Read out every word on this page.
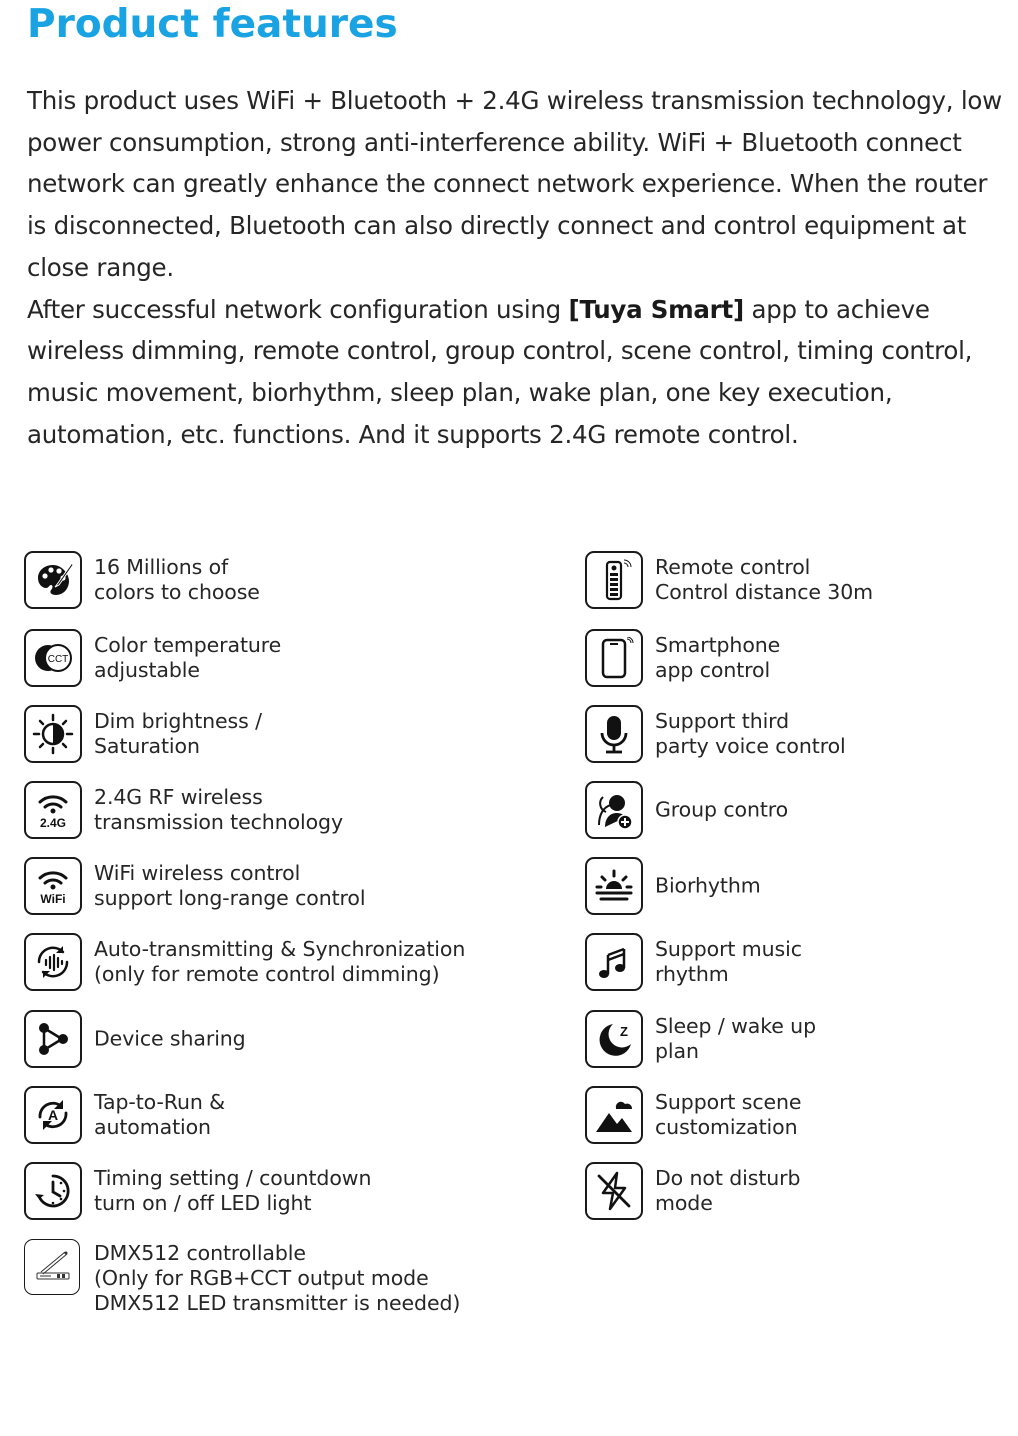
Product features

This product uses WiFi + Bluetooth + 2.4G wireless transmission technology, low power consumption, strong anti-interference ability. WiFi + Bluetooth connect network can greatly enhance the connect network experience. When the router is disconnected, Bluetooth can also directly connect and control equipment at close range.

After successful network configuration using [Tuya Smart] app to achieve wireless dimming, remote control, group control, scene control, timing control, music movement, biorhythm, sleep plan, wake plan, one key execution, automation, etc. functions. And it supports 2.4G remote control.

16 Millions of
colors to choose
CCT
Color temperature
adjustable
Dim brightness /
Saturation
2.4G
2.4G RF wireless
transmission technology
WiFi
WiFi wireless control
support long-range control
Auto-transmitting & Synchronization
(only for remote control dimming)
Device sharing
A
Tap-to-Run &
automation
Timing setting / countdown
turn on / off LED light
DMX512 controllable
(Only for RGB+CCT output mode
DMX512 LED transmitter is needed)
Remote control
Control distance 30m
Smartphone
app control
Support third
party voice control
Group contro
Biorhythm
Support music
rhythm
Z Sleep / wake up
plan
Support scene
customization
Do not disturb
mode
